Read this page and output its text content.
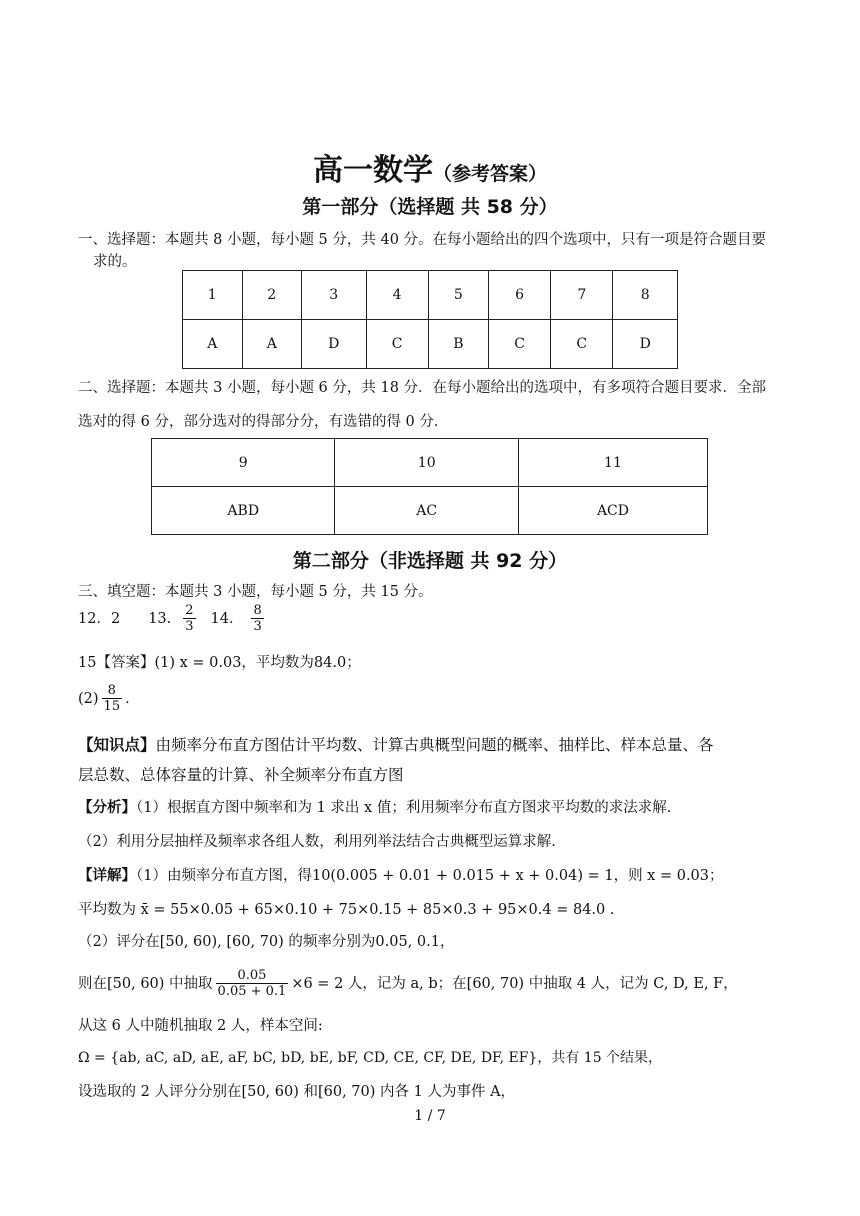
高一数学（参考答案）
第一部分（选择题 共 58 分）
一、选择题：本题共 8 小题，每小题 5 分，共 40 分。在每小题给出的四个选项中，只有一项是符合题目要
求的。
1	2	3	4	5	6	7	8
A	A	D	C	B	C	C	D
二、选择题：本题共 3 小题，每小题 6 分，共 18 分．在每小题给出的选项中，有多项符合题目要求．全部
选对的得 6 分，部分选对的得部分分，有选错的得 0 分．
9	10	11
ABD	AC	ACD
第二部分（非选择题 共 92 分）
三、填空题：本题共 3 小题，每小题 5 分，共 15 分。
12．2 13. $\frac{2}{3} 14$． $\frac{8}{3}$
15【答案】(1) x = 0.03，平均数为84.0；
$(2) \frac{8}{15}$ .
【知识点】由频率分布直方图估计平均数、计算古典概型问题的概率、抽样比、样本总量、各
层总数、总体容量的计算、补全频率分布直方图
【分析】（1）根据直方图中频率和为 1 求出 x 值；利用频率分布直方图求平均数的求法求解.
（2）利用分层抽样及频率求各组人数，利用列举法结合古典概型运算求解.
【详解】（1）由频率分布直方图，得10(0.005 + 0.01 + 0.015 + x + 0.04) = 1，则 x = 0.03；
平均数为 x̄ = 55×0.05 + 65×0.10 + 75×0.15 + 85×0.3 + 95×0.4 = 84.0 .
（2）评分在[50, 60), [60, 70) 的频率分别为0.05, 0.1，
则在[50, 60) 中抽取 $\frac{0.05}{0.05 + 0.1} \times 6 = 2$ 人，记为 a, b；在[60, 70) 中抽取 4 人，记为 C, D, E, F，
从这 6 人中随机抽取 2 人，样本空间:
Ω = {ab, aC, aD, aE, aF, bC, bD, bE, bF, CD, CE, CF, DE, DF, EF}，共有 15 个结果，
设选取的 2 人评分分别在[50, 60) 和[60, 70) 内各 1 人为事件 A，
1 / 7
